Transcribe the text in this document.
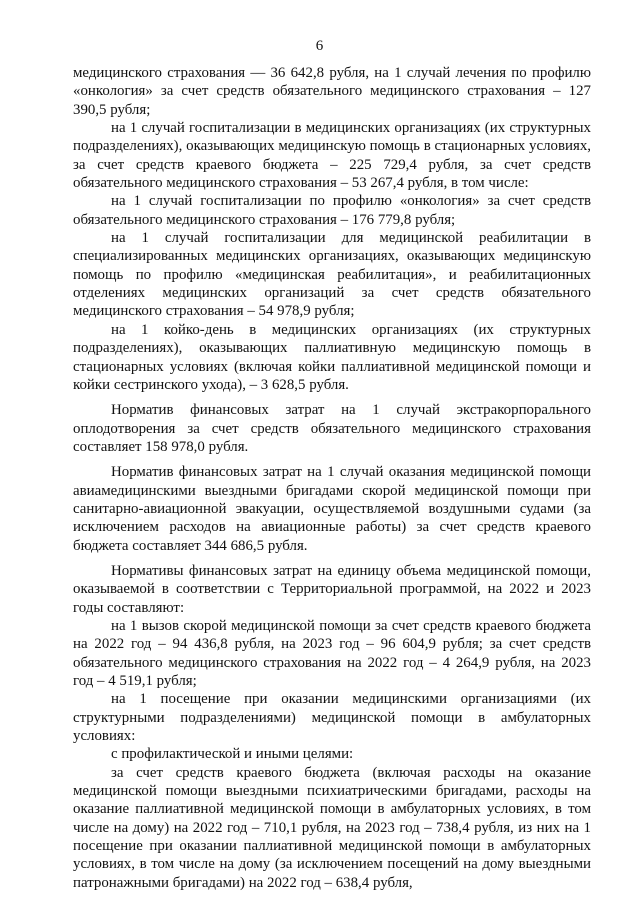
6

медицинского страхования — 36 642,8 рубля, на 1 случай лечения по профилю «онкология» за счет средств обязательного медицинского страхования – 127 390,5 рубля;

на 1 случай госпитализации в медицинских организациях (их структурных подразделениях), оказывающих медицинскую помощь в стационарных условиях, за счет средств краевого бюджета – 225 729,4 рубля, за счет средств обязательного медицинского страхования – 53 267,4 рубля, в том числе:

на 1 случай госпитализации по профилю «онкология» за счет средств обязательного медицинского страхования – 176 779,8 рубля;

на 1 случай госпитализации для медицинской реабилитации в специализированных медицинских организациях, оказывающих медицинскую помощь по профилю «медицинская реабилитация», и реабилитационных отделениях медицинских организаций за счет средств обязательного медицинского страхования – 54 978,9 рубля;

на 1 койко-день в медицинских организациях (их структурных подразделениях), оказывающих паллиативную медицинскую помощь в стационарных условиях (включая койки паллиативной медицинской помощи и койки сестринского ухода), – 3 628,5 рубля.

Норматив финансовых затрат на 1 случай экстракорпорального оплодотворения за счет средств обязательного медицинского страхования составляет 158 978,0 рубля.

Норматив финансовых затрат на 1 случай оказания медицинской помощи авиамедицинскими выездными бригадами скорой медицинской помощи при санитарно-авиационной эвакуации, осуществляемой воздушными судами (за исключением расходов на авиационные работы) за счет средств краевого бюджета составляет 344 686,5 рубля.

Нормативы финансовых затрат на единицу объема медицинской помощи, оказываемой в соответствии с Территориальной программой, на 2022 и 2023 годы составляют:

на 1 вызов скорой медицинской помощи за счет средств краевого бюджета на 2022 год – 94 436,8 рубля, на 2023 год – 96 604,9 рубля; за счет средств обязательного медицинского страхования на 2022 год – 4 264,9 рубля, на 2023 год – 4 519,1 рубля;

на 1 посещение при оказании медицинскими организациями (их структурными подразделениями) медицинской помощи в амбулаторных условиях:

с профилактической и иными целями:

за счет средств краевого бюджета (включая расходы на оказание медицинской помощи выездными психиатрическими бригадами, расходы на оказание паллиативной медицинской помощи в амбулаторных условиях, в том числе на дому) на 2022 год – 710,1 рубля, на 2023 год – 738,4 рубля, из них на 1 посещение при оказании паллиативной медицинской помощи в амбулаторных условиях, в том числе на дому (за исключением посещений на дому выездными патронажными бригадами) на 2022 год – 638,4 рубля,
